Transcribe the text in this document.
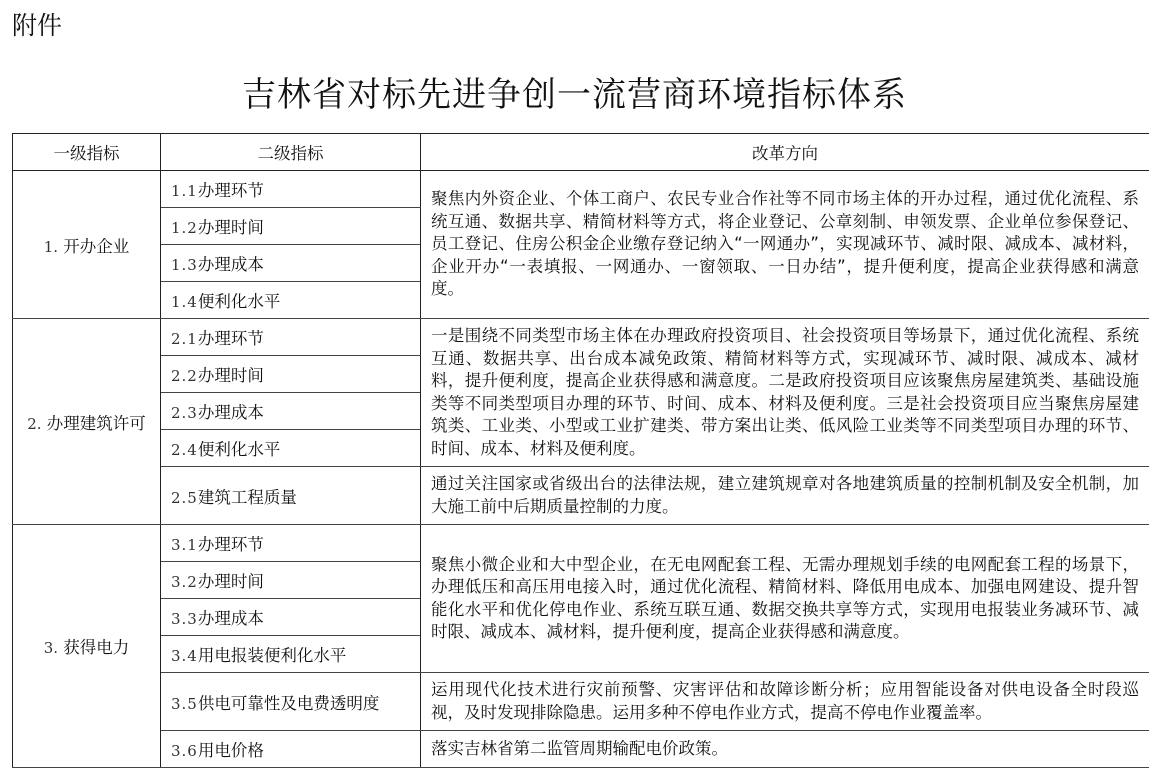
附件
吉林省对标先进争创一流营商环境指标体系
一级指标	二级指标	改革方向
1. 开办企业	1.1办理环节	聚焦内外资企业、个体工商户、农民专业合作社等不同市场主体的开办过程，通过优化流程、系统互通、数据共享、精简材料等方式，将企业登记、公章刻制、申领发票、企业单位参保登记、员工登记、住房公积金企业缴存登记纳入“一网通办”，实现减环节、减时限、减成本、减材料，企业开办“一表填报、一网通办、一窗领取、一日办结”，提升便利度，提高企业获得感和满意度。
	1.2办理时间	
	1.3办理成本	
	1.4便利化水平	
2. 办理建筑许可	2.1办理环节	一是围绕不同类型市场主体在办理政府投资项目、社会投资项目等场景下，通过优化流程、系统互通、数据共享、出台成本减免政策、精简材料等方式，实现减环节、减时限、减成本、减材料，提升便利度，提高企业获得感和满意度。二是政府投资项目应该聚焦房屋建筑类、基础设施类等不同类型项目办理的环节、时间、成本、材料及便利度。三是社会投资项目应当聚焦房屋建筑类、工业类、小型或工业扩建类、带方案出让类、低风险工业类等不同类型项目办理的环节、时间、成本、材料及便利度。
	2.2办理时间	
	2.3办理成本	
	2.4便利化水平	
	2.5建筑工程质量	通过关注国家或省级出台的法律法规，建立建筑规章对各地建筑质量的控制机制及安全机制，加大施工前中后期质量控制的力度。
3. 获得电力	3.1办理环节	聚焦小微企业和大中型企业，在无电网配套工程、无需办理规划手续的电网配套工程的场景下，办理低压和高压用电接入时，通过优化流程、精简材料、降低用电成本、加强电网建设、提升智能化水平和优化停电作业、系统互联互通、数据交换共享等方式，实现用电报装业务减环节、减时限、减成本、减材料，提升便利度，提高企业获得感和满意度。
	3.2办理时间	
	3.3办理成本	
	3.4用电报装便利化水平	
	3.5供电可靠性及电费透明度	运用现代化技术进行灾前预警、灾害评估和故障诊断分析；应用智能设备对供电设备全时段巡视，及时发现排除隐患。运用多种不停电作业方式，提高不停电作业覆盖率。
	3.6用电价格	落实吉林省第二监管周期输配电价政策。
